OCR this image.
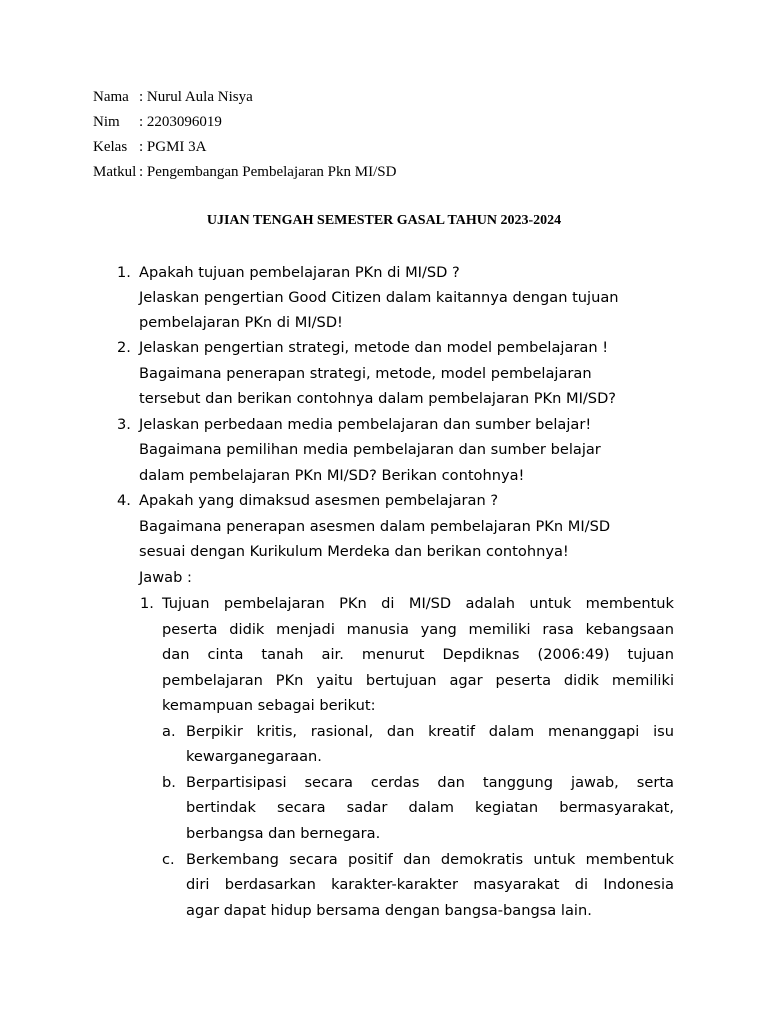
Nama : Nurul Aula Nisya
Nim : 2203096019
Kelas : PGMI 3A
Matkul : Pengembangan Pembelajaran Pkn MI/SD
UJIAN TENGAH SEMESTER GASAL TAHUN 2023-2024
1. Apakah tujuan pembelajaran PKn di MI/SD ?
Jelaskan pengertian Good Citizen dalam kaitannya dengan tujuan
pembelajaran PKn di MI/SD!
2. Jelaskan pengertian strategi, metode dan model pembelajaran !
Bagaimana penerapan strategi, metode, model pembelajaran
tersebut dan berikan contohnya dalam pembelajaran PKn MI/SD?
3. Jelaskan perbedaan media pembelajaran dan sumber belajar!
Bagaimana pemilihan media pembelajaran dan sumber belajar
dalam pembelajaran PKn MI/SD? Berikan contohnya!
4. Apakah yang dimaksud asesmen pembelajaran ?
Bagaimana penerapan asesmen dalam pembelajaran PKn MI/SD
sesuai dengan Kurikulum Merdeka dan berikan contohnya!
Jawab :
1. Tujuan pembelajaran PKn di MI/SD adalah untuk membentuk
peserta didik menjadi manusia yang memiliki rasa kebangsaan
dan cinta tanah air. menurut Depdiknas (2006:49) tujuan
pembelajaran PKn yaitu bertujuan agar peserta didik memiliki
kemampuan sebagai berikut:
a. Berpikir kritis, rasional, dan kreatif dalam menanggapi isu
kewarganegaraan.
b. Berpartisipasi secara cerdas dan tanggung jawab, serta
bertindak secara sadar dalam kegiatan bermasyarakat,
berbangsa dan bernegara.
c. Berkembang secara positif dan demokratis untuk membentuk
diri berdasarkan karakter-karakter masyarakat di Indonesia
agar dapat hidup bersama dengan bangsa-bangsa lain.
